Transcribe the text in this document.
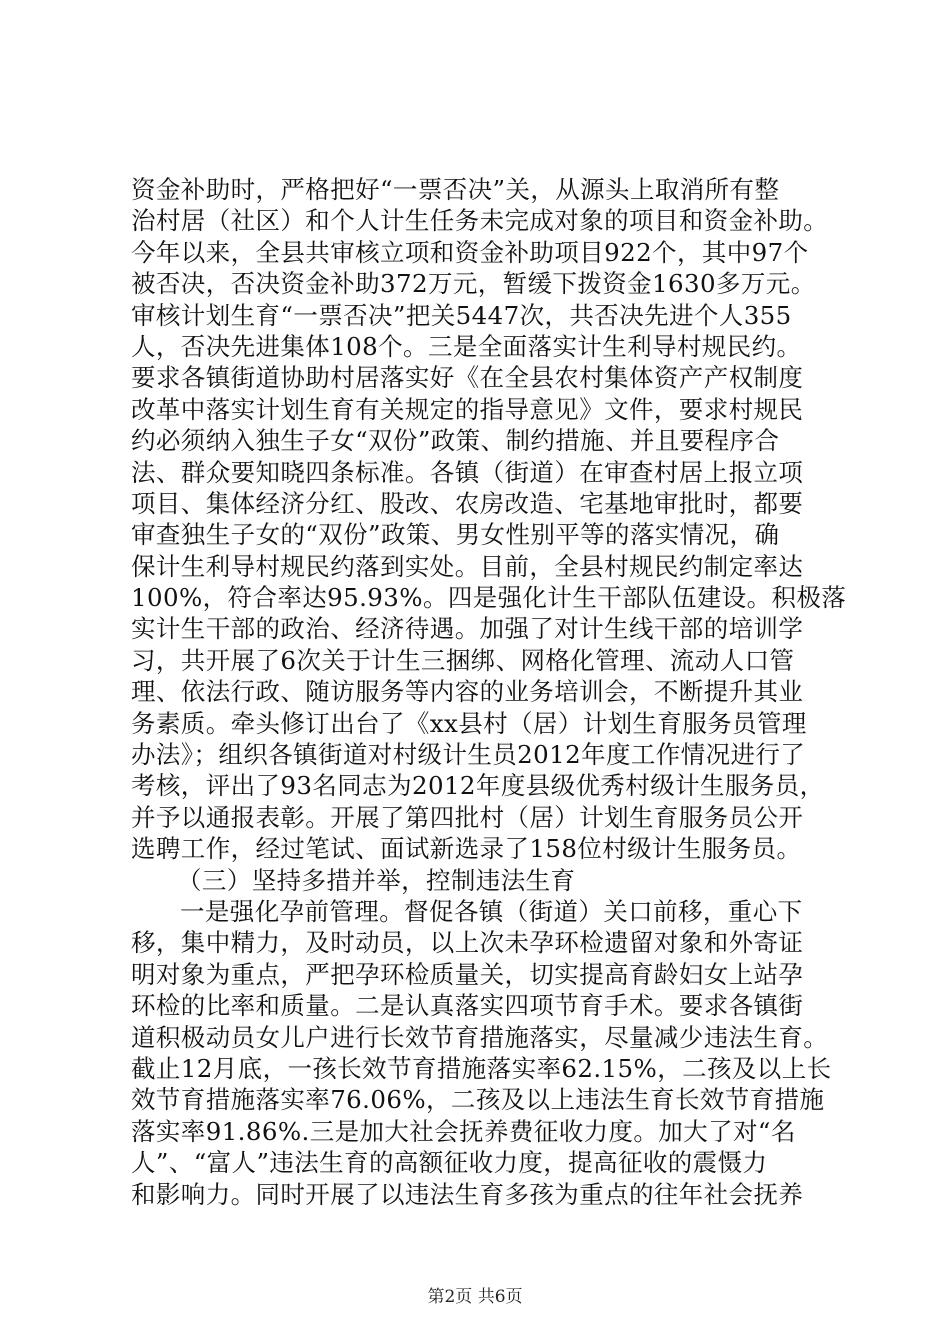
资金补助时，严格把好“一票否决”关，从源头上取消所有整
治村居（社区）和个人计生任务未完成对象的项目和资金补助。
今年以来，全县共审核立项和资金补助项目922个，其中97个
被否决，否决资金补助372万元，暂缓下拨资金1630多万元。
审核计划生育“一票否决”把关5447次，共否决先进个人355
人，否决先进集体108个。三是全面落实计生利导村规民约。
要求各镇街道协助村居落实好《在全县农村集体资产产权制度
改革中落实计划生育有关规定的指导意见》文件，要求村规民
约必须纳入独生子女“双份”政策、制约措施、并且要程序合
法、群众要知晓四条标准。各镇（街道）在审查村居上报立项
项目、集体经济分红、股改、农房改造、宅基地审批时，都要
审查独生子女的“双份”政策、男女性别平等的落实情况，确
保计生利导村规民约落到实处。目前，全县村规民约制定率达
100%，符合率达95.93%。四是强化计生干部队伍建设。积极落
实计生干部的政治、经济待遇。加强了对计生线干部的培训学
习，共开展了6次关于计生三捆绑、网格化管理、流动人口管
理、依法行政、随访服务等内容的业务培训会，不断提升其业
务素质。牵头修订出台了《xx县村（居）计划生育服务员管理
办法》；组织各镇街道对村级计生员2012年度工作情况进行了
考核，评出了93名同志为2012年度县级优秀村级计生服务员，
并予以通报表彰。开展了第四批村（居）计划生育服务员公开
选聘工作，经过笔试、面试新选录了158位村级计生服务员。
（三）坚持多措并举，控制违法生育
一是强化孕前管理。督促各镇（街道）关口前移，重心下
移，集中精力，及时动员，以上次未孕环检遗留对象和外寄证
明对象为重点，严把孕环检质量关，切实提高育龄妇女上站孕
环检的比率和质量。二是认真落实四项节育手术。要求各镇街
道积极动员女儿户进行长效节育措施落实，尽量减少违法生育。
截止12月底，一孩长效节育措施落实率62.15%，二孩及以上长
效节育措施落实率76.06%，二孩及以上违法生育长效节育措施
落实率91.86%.三是加大社会抚养费征收力度。加大了对“名
人”、“富人”违法生育的高额征收力度，提高征收的震慑力
和影响力。同时开展了以违法生育多孩为重点的往年社会抚养
第2页 共6页
